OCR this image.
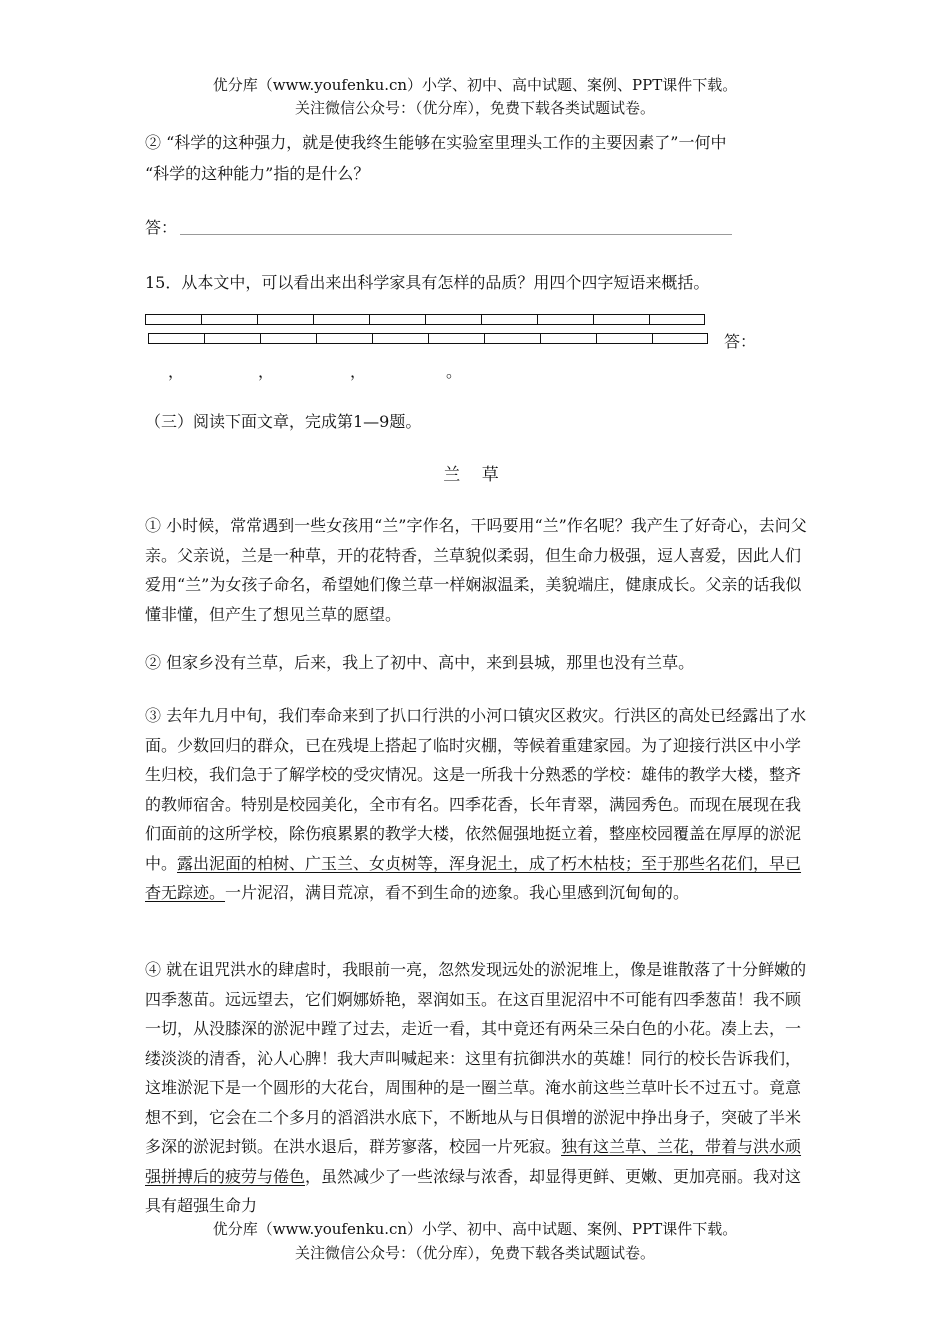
优分库（www.youfenku.cn）小学、初中、高中试题、案例、PPT课件下载。
关注微信公众号：（优分库），免费下载各类试题试卷。
② “科学的这种强力，就是使我终生能够在实验室里理头工作的主要因素了”一何中
“科学的这种能力”指的是什么？
答：
15．从本文中，可以看出来出科学家具有怎样的品质？用四个四字短语来概括。
答：
，	，	，	。
（三）阅读下面文章，完成第1—9题。
兰 草
① 小时候，常常遇到一些女孩用“兰”字作名，干吗要用“兰”作名呢？我产生了好奇心，去问父亲。父亲说，兰是一种草，开的花特香，兰草貌似柔弱，但生命力极强，逗人喜爱，因此人们爱用“兰”为女孩子命名，希望她们像兰草一样娴淑温柔，美貌端庄，健康成长。父亲的话我似懂非懂，但产生了想见兰草的愿望。
② 但家乡没有兰草，后来，我上了初中、高中，来到县城，那里也没有兰草。
③ 去年九月中旬，我们奉命来到了扒口行洪的小河口镇灾区救灾。行洪区的高处已经露出了水面。少数回归的群众，已在残堤上搭起了临时灾棚，等候着重建家园。为了迎接行洪区中小学生归校，我们急于了解学校的受灾情况。这是一所我十分熟悉的学校：雄伟的教学大楼，整齐的教师宿舍。特别是校园美化，全市有名。四季花香，长年青翠，满园秀色。而现在展现在我们面前的这所学校，除伤痕累累的教学大楼，依然倔强地挺立着，整座校园覆盖在厚厚的淤泥中。露出泥面的柏树、广玉兰、女贞树等，浑身泥土，成了朽木枯枝；至于那些名花们，早已杳无踪迹。一片泥沼，满目荒凉，看不到生命的迹象。我心里感到沉甸甸的。
④ 就在诅咒洪水的肆虐时，我眼前一亮，忽然发现远处的淤泥堆上，像是谁散落了十分鲜嫩的四季葱苗。远远望去，它们婀娜娇艳，翠润如玉。在这百里泥沼中不可能有四季葱苗！我不顾一切，从没膝深的淤泥中蹚了过去，走近一看，其中竟还有两朵三朵白色的小花。凑上去，一缕淡淡的清香，沁人心脾！我大声叫喊起来：这里有抗御洪水的英雄！同行的校长告诉我们，这堆淤泥下是一个圆形的大花台，周围种的是一圈兰草。淹水前这些兰草叶长不过五寸。竟意想不到，它会在二个多月的滔滔洪水底下，不断地从与日俱增的淤泥中挣出身子，突破了半米多深的淤泥封锁。在洪水退后，群芳寥落，校园一片死寂。独有这兰草、兰花，带着与洪水顽强拼搏后的疲劳与倦色，虽然减少了一些浓绿与浓香，却显得更鲜、更嫩、更加亮丽。我对这具有超强生命力
优分库（www.youfenku.cn）小学、初中、高中试题、案例、PPT课件下载。
关注微信公众号：（优分库），免费下载各类试题试卷。
